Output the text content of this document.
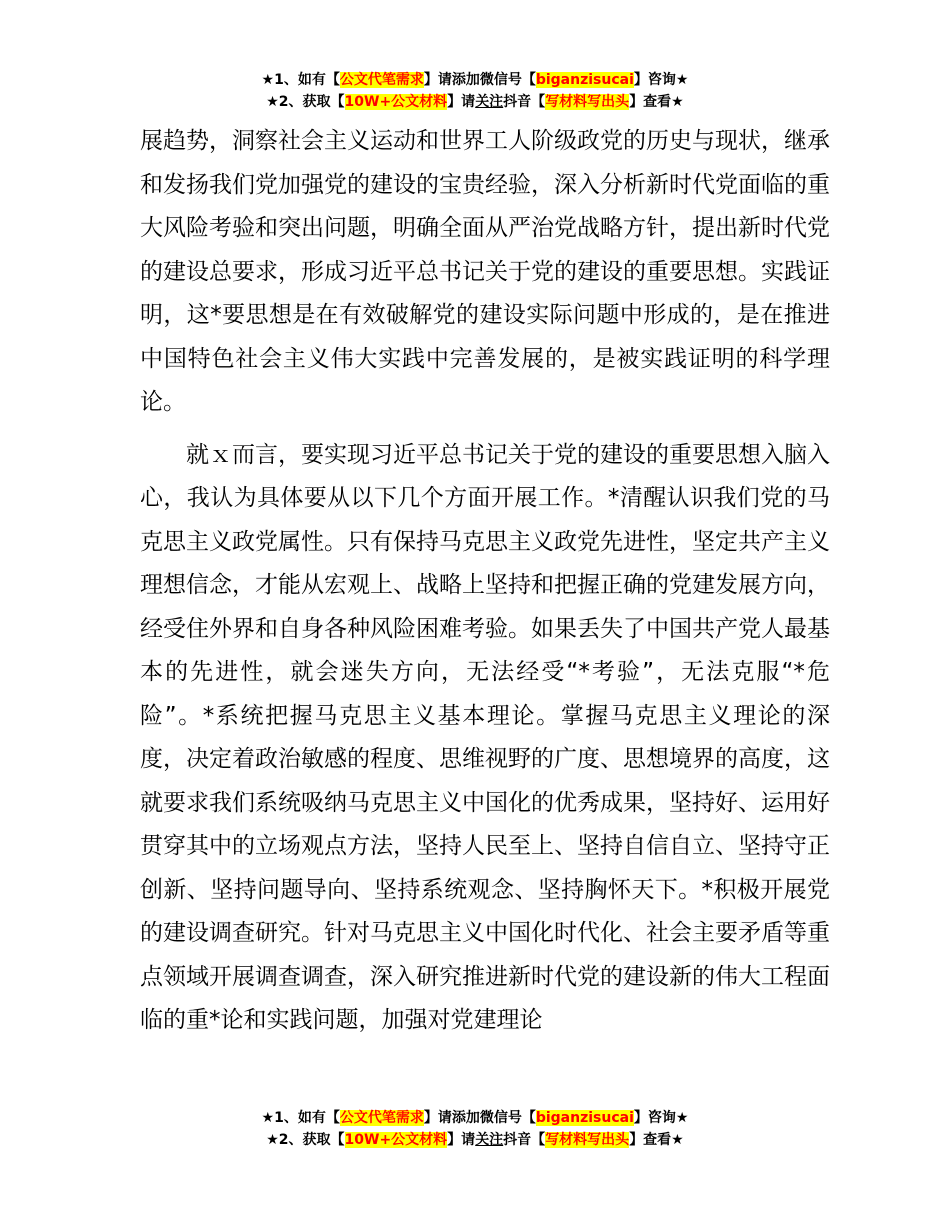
★1、如有【公文代笔需求】请添加微信号【biganzisucai】咨询★
★2、获取【10W+公文材料】请关注抖音【写材料写出头】查看★

展趋势，洞察社会主义运动和世界工人阶级政党的历史与现状，继承和发扬我们党加强党的建设的宝贵经验，深入分析新时代党面临的重大风险考验和突出问题，明确全面从严治党战略方针，提出新时代党的建设总要求，形成习近平总书记关于党的建设的重要思想。实践证明，这*要思想是在有效破解党的建设实际问题中形成的，是在推进中国特色社会主义伟大实践中完善发展的，是被实践证明的科学理论。

就ｘ而言，要实现习近平总书记关于党的建设的重要思想入脑入心，我认为具体要从以下几个方面开展工作。*清醒认识我们党的马克思主义政党属性。只有保持马克思主义政党先进性，坚定共产主义理想信念，才能从宏观上、战略上坚持和把握正确的党建发展方向，经受住外界和自身各种风险困难考验。如果丢失了中国共产党人最基本的先进性，就会迷失方向，无法经受“*考验”，无法克服“*危险”。*系统把握马克思主义基本理论。掌握马克思主义理论的深度，决定着政治敏感的程度、思维视野的广度、思想境界的高度，这就要求我们系统吸纳马克思主义中国化的优秀成果，坚持好、运用好贯穿其中的立场观点方法，坚持人民至上、坚持自信自立、坚持守正创新、坚持问题导向、坚持系统观念、坚持胸怀天下。*积极开展党的建设调查研究。针对马克思主义中国化时代化、社会主要矛盾等重点领域开展调查调查，深入研究推进新时代党的建设新的伟大工程面临的重*论和实践问题，加强对党建理论

★1、如有【公文代笔需求】请添加微信号【biganzisucai】咨询★
★2、获取【10W+公文材料】请关注抖音【写材料写出头】查看★
